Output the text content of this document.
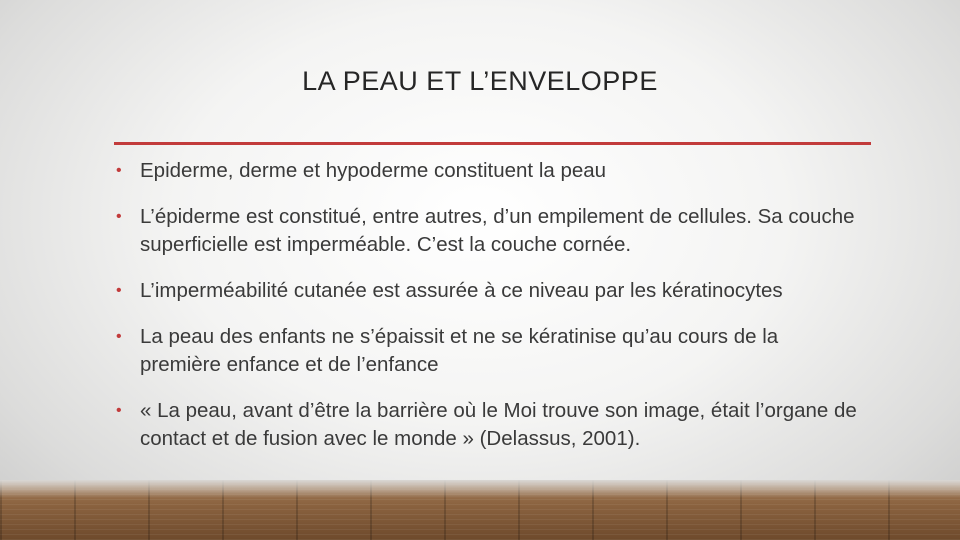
LA PEAU ET L’ENVELOPPE
• Epiderme, derme et hypoderme constituent la peau
• L’épiderme est constitué, entre autres, d’un empilement de cellules. Sa couche superficielle est imperméable. C’est la couche cornée.
• L’imperméabilité cutanée est assurée à ce niveau par les kératinocytes
• La peau des enfants ne s’épaissit et ne se kératinise qu’au cours de la première enfance et de l’enfance
• « La peau, avant d’être la barrière où le Moi trouve son image, était l’organe de contact et de fusion avec le monde » (Delassus, 2001).
